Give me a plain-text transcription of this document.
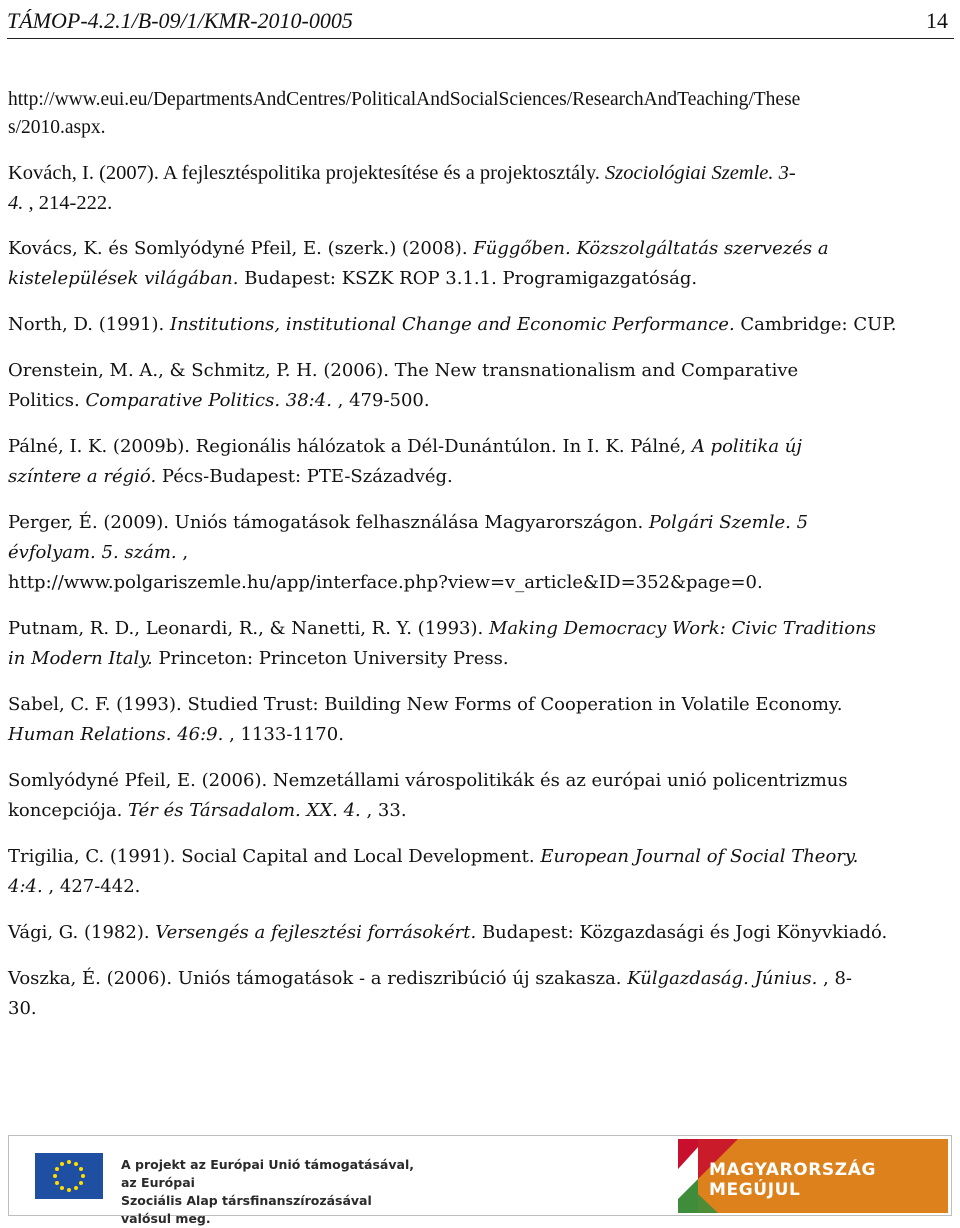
TÁMOP-4.2.1/B-09/1/KMR-2010-0005	14
http://www.eui.eu/DepartmentsAndCentres/PoliticalAndSocialSciences/ResearchAndTeaching/These
s/2010.aspx.
Kovách, I. (2007). A fejlesztéspolitika projektesítése és a projektosztály. Szociológiai Szemle. 3-
4. , 214-222.
Kovács, K. és Somlyódyné Pfeil, E. (szerk.) (2008). Függőben. Közszolgáltatás szervezés a
kistelepülések világában. Budapest: KSZK ROP 3.1.1. Programigazgatóság.
North, D. (1991). Institutions, institutional Change and Economic Performance. Cambridge: CUP.
Orenstein, M. A., & Schmitz, P. H. (2006). The New transnationalism and Comparative
Politics. Comparative Politics. 38:4. , 479-500.
Pálné, I. K. (2009b). Regionális hálózatok a Dél-Dunántúlon. In I. K. Pálné, A politika új
színtere a régió. Pécs-Budapest: PTE-Századvég.
Perger, É. (2009). Uniós támogatások felhasználása Magyarországon. Polgári Szemle. 5
évfolyam. 5. szám. ,
http://www.polgariszemle.hu/app/interface.php?view=v_article&ID=352&page=0.
Putnam, R. D., Leonardi, R., & Nanetti, R. Y. (1993). Making Democracy Work: Civic Traditions
in Modern Italy. Princeton: Princeton University Press.
Sabel, C. F. (1993). Studied Trust: Building New Forms of Cooperation in Volatile Economy.
Human Relations. 46:9. , 1133-1170.
Somlyódyné Pfeil, E. (2006). Nemzetállami várospolitikák és az európai unió policentrizmus
koncepciója. Tér és Társadalom. XX. 4. , 33.
Trigilia, C. (1991). Social Capital and Local Development. European Journal of Social Theory.
4:4. , 427-442.
Vági, G. (1982). Versengés a fejlesztési forrásokért. Budapest: Közgazdasági és Jogi Könyvkiadó.
Voszka, É. (2006). Uniós támogatások - a rediszribúció új szakasza. Külgazdaság. Június. , 8-
30.
A projekt az Európai Unió támogatásával, az Európai
Szociális Alap társfinanszírozásával valósul meg.
MAGYARORSZÁG MEGÚJUL
